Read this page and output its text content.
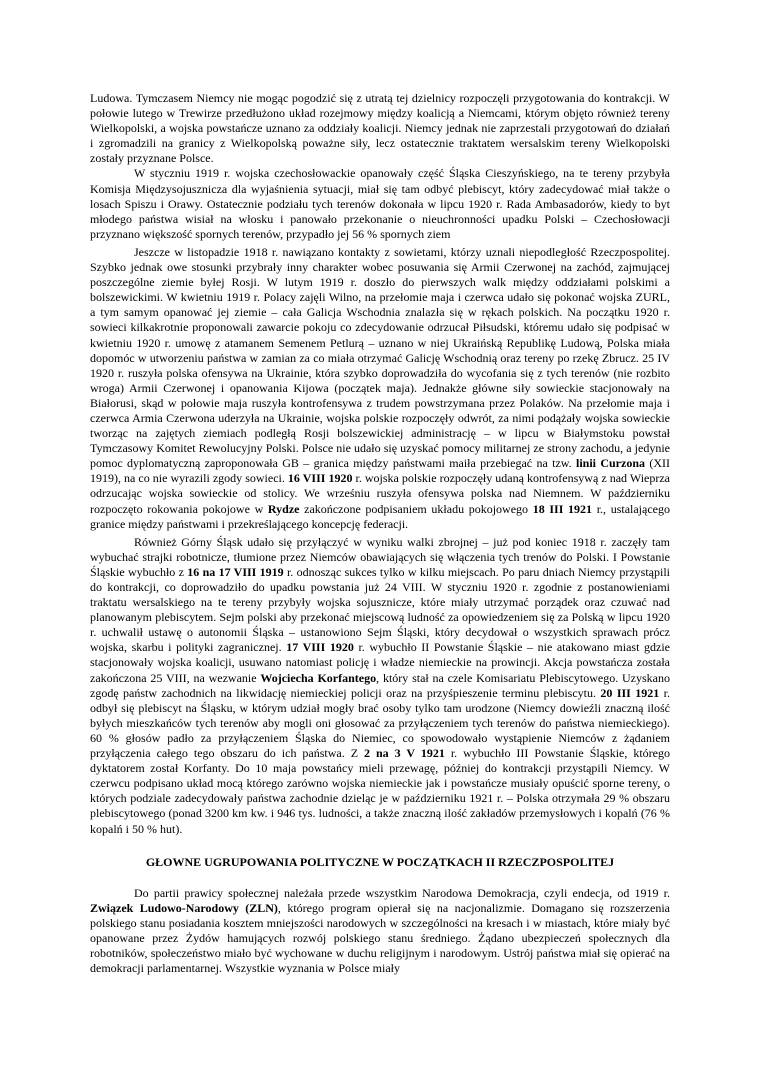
Ludowa. Tymczasem Niemcy nie mogąc pogodzić się z utratą tej dzielnicy rozpoczęli przygotowania do kontrakcji. W połowie lutego w Trewirze przedłużono układ rozejmowy między koalicją a Niemcami, którym objęto również tereny Wielkopolski, a wojska powstańcze uznano za oddziały koalicji. Niemcy jednak nie zaprzestali przygotowań do działań i zgromadzili na granicy z Wielkopolską poważne siły, lecz ostatecznie traktatem wersalskim tereny Wielkopolski zostały przyznane Polsce.

W styczniu 1919 r. wojska czechosłowackie opanowały część Śląska Cieszyńskiego, na te tereny przybyła Komisja Międzysojusznicza dla wyjaśnienia sytuacji, miał się tam odbyć plebiscyt, który zadecydować miał także o losach Spiszu i Orawy. Ostatecznie podziału tych terenów dokonała w lipcu 1920 r. Rada Ambasadorów, kiedy to byt młodego państwa wisiał na włosku i panowało przekonanie o nieuchronności upadku Polski – Czechosłowacji przyznano większość spornych terenów, przypadło jej 56 % spornych ziem

Jeszcze w listopadzie 1918 r. nawiązano kontakty z sowietami, którzy uznali niepodległość Rzeczpospolitej. Szybko jednak owe stosunki przybrały inny charakter wobec posuwania się Armii Czerwonej na zachód, zajmującej poszczególne ziemie byłej Rosji. W lutym 1919 r. doszło do pierwszych walk między oddziałami polskimi a bolszewickimi. W kwietniu 1919 r. Polacy zajęli Wilno, na przełomie maja i czerwca udało się pokonać wojska ZURL, a tym samym opanować jej ziemie – cała Galicja Wschodnia znalazła się w rękach polskich. Na początku 1920 r. sowieci kilkakrotnie proponowali zawarcie pokoju co zdecydowanie odrzucał Piłsudski, któremu udało się podpisać w kwietniu 1920 r. umowę z atamanem Semenem Petlurą – uznano w niej Ukraińską Republikę Ludową, Polska miała dopomóc w utworzeniu państwa w zamian za co miała otrzymać Galicję Wschodnią oraz tereny po rzekę Zbrucz. 25 IV 1920 r. ruszyła polska ofensywa na Ukrainie, która szybko doprowadziła do wycofania się z tych terenów (nie rozbito wroga) Armii Czerwonej i opanowania Kijowa (początek maja). Jednakże główne siły sowieckie stacjonowały na Białorusi, skąd w połowie maja ruszyła kontrofensywa z trudem powstrzymana przez Polaków. Na przełomie maja i czerwca Armia Czerwona uderzyła na Ukrainie, wojska polskie rozpoczęły odwrót, za nimi podążały wojska sowieckie tworząc na zajętych ziemiach podległą Rosji bolszewickiej administrację – w lipcu w Białymstoku powstał Tymczasowy Komitet Rewolucyjny Polski. Polsce nie udało się uzyskać pomocy militarnej ze strony zachodu, a jedynie pomoc dyplomatyczną zaproponowała GB – granica między państwami maiła przebiegać na tzw. linii Curzona (XII 1919), na co nie wyrazili zgody sowieci. 16 VIII 1920 r. wojska polskie rozpoczęły udaną kontrofensywą z nad Wieprza odrzucając wojska sowieckie od stolicy. We wrześniu ruszyła ofensywa polska nad Niemnem. W październiku rozpoczęto rokowania pokojowe w Rydze zakończone podpisaniem układu pokojowego 18 III 1921 r., ustalającego granice między państwami i przekreślającego koncepcję federacji.

Również Górny Śląsk udało się przyłączyć w wyniku walki zbrojnej – już pod koniec 1918 r. zaczęły tam wybuchać strajki robotnicze, tłumione przez Niemców obawiających się włączenia tych trenów do Polski. I Powstanie Śląskie wybuchło z 16 na 17 VIII 1919 r. odnosząc sukces tylko w kilku miejscach. Po paru dniach Niemcy przystąpili do kontrakcji, co doprowadziło do upadku powstania już 24 VIII. W styczniu 1920 r. zgodnie z postanowieniami traktatu wersalskiego na te tereny przybyły wojska sojusznicze, które miały utrzymać porządek oraz czuwać nad planowanym plebiscytem. Sejm polski aby przekonać miejscową ludność za opowiedzeniem się za Polską w lipcu 1920 r. uchwalił ustawę o autonomii Śląska – ustanowiono Sejm Śląski, który decydował o wszystkich sprawach prócz wojska, skarbu i polityki zagranicznej. 17 VIII 1920 r. wybuchło II Powstanie Śląskie – nie atakowano miast gdzie stacjonowały wojska koalicji, usuwano natomiast policję i władze niemieckie na prowincji. Akcja powstańcza została zakończona 25 VIII, na wezwanie Wojciecha Korfantego, który stał na czele Komisariatu Plebiscytowego. Uzyskano zgodę państw zachodnich na likwidację niemieckiej policji oraz na przyśpieszenie terminu plebiscytu. 20 III 1921 r. odbył się plebiscyt na Śląsku, w którym udział mogły brać osoby tylko tam urodzone (Niemcy dowieźli znaczną ilość byłych mieszkańców tych terenów aby mogli oni głosować za przyłączeniem tych terenów do państwa niemieckiego). 60 % głosów padło za przyłączeniem Śląska do Niemiec, co spowodowało wystąpienie Niemców z żądaniem przyłączenia całego tego obszaru do ich państwa. Z 2 na 3 V 1921 r. wybuchło III Powstanie Śląskie, którego dyktatorem został Korfanty. Do 10 maja powstańcy mieli przewagę, później do kontrakcji przystąpili Niemcy. W czerwcu podpisano układ mocą którego zarówno wojska niemieckie jak i powstańcze musiały opuścić sporne tereny, o których podziale zadecydowały państwa zachodnie dzieląc je w październiku 1921 r. – Polska otrzymała 29 % obszaru plebiscytowego (ponad 3200 km kw. i 946 tys. ludności, a także znaczną ilość zakładów przemysłowych i kopalń (76 % kopalń i 50 % hut).

GŁOWNE UGRUPOWANIA POLITYCZNE W POCZĄTKACH II RZECZPOSPOLITEJ

Do partii prawicy społecznej należała przede wszystkim Narodowa Demokracja, czyli endecja, od 1919 r. Związek Ludowo-Narodowy (ZLN), którego program opierał się na nacjonalizmie. Domagano się rozszerzenia polskiego stanu posiadania kosztem mniejszości narodowych w szczególności na kresach i w miastach, które miały być opanowane przez Żydów hamujących rozwój polskiego stanu średniego. Żądano ubezpieczeń społecznych dla robotników, społeczeństwo miało być wychowane w duchu religijnym i narodowym. Ustrój państwa miał się opierać na demokracji parlamentarnej. Wszystkie wyznania w Polsce miały
